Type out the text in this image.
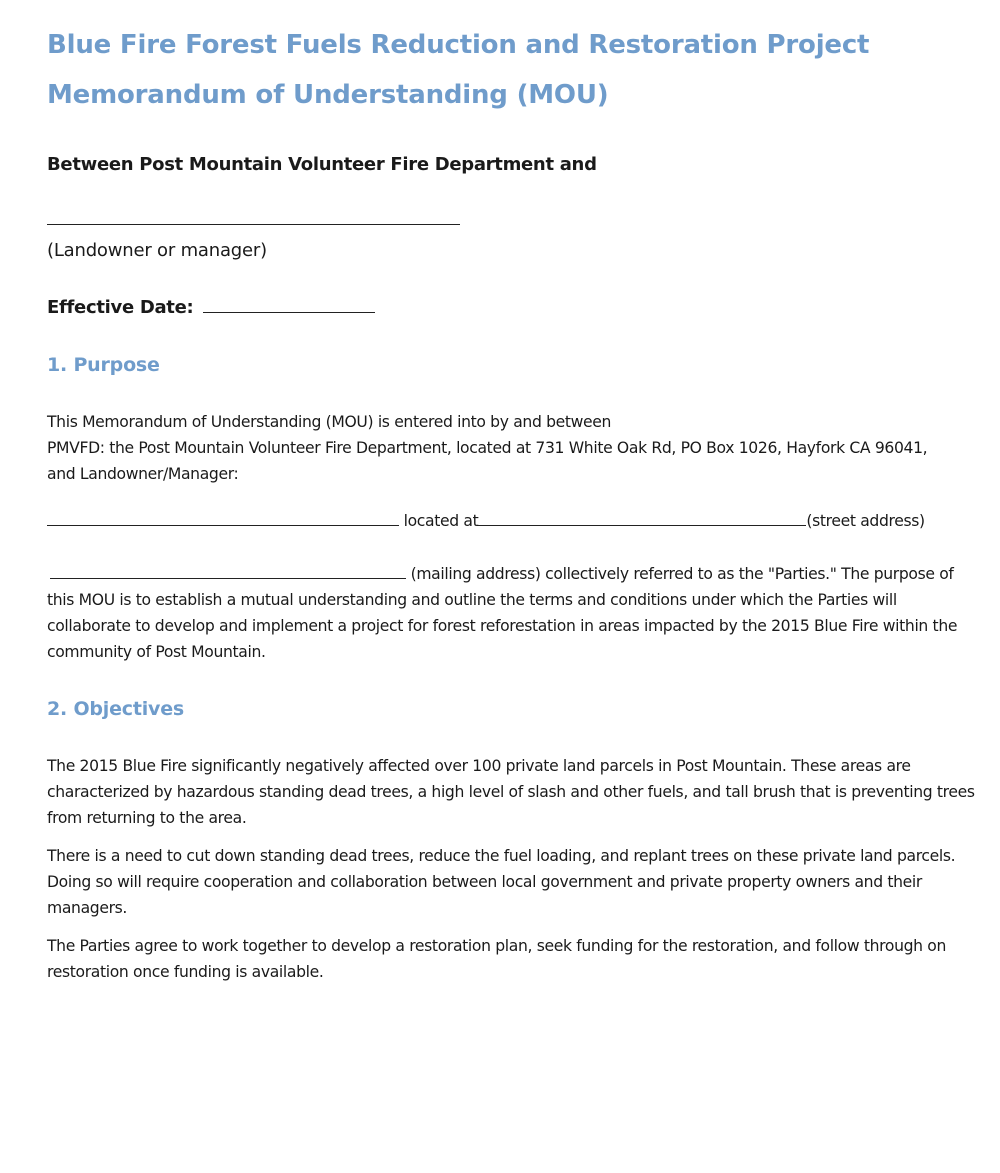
Blue Fire Forest Fuels Reduction and Restoration Project
Memorandum of Understanding (MOU)
Between Post Mountain Volunteer Fire Department and
(Landowner or manager)
Effective Date:
1. Purpose
This Memorandum of Understanding (MOU) is entered into by and between
PMVFD: the Post Mountain Volunteer Fire Department, located at 731 White Oak Rd, PO Box 1026, Hayfork CA 96041,
and Landowner/Manager:
located at	(street address)
(mailing address) collectively referred to as the "Parties." The purpose of this MOU is to establish a mutual understanding and outline the terms and conditions under which the Parties will collaborate to develop and implement a project for forest reforestation in areas impacted by the 2015 Blue Fire within the community of Post Mountain.
2. Objectives
The 2015 Blue Fire significantly negatively affected over 100 private land parcels in Post Mountain. These areas are characterized by hazardous standing dead trees, a high level of slash and other fuels, and tall brush that is preventing trees from returning to the area.
There is a need to cut down standing dead trees, reduce the fuel loading, and replant trees on these private land parcels. Doing so will require cooperation and collaboration between local government and private property owners and their managers.
The Parties agree to work together to develop a restoration plan, seek funding for the restoration, and follow through on restoration once funding is available.
